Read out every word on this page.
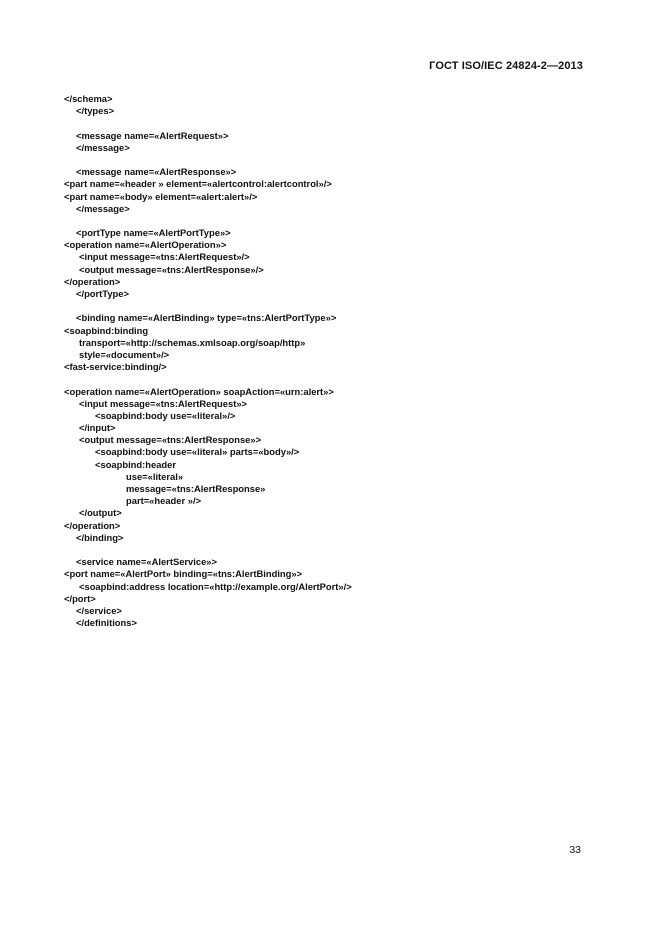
ГОСТ ISO/IEC 24824-2—2013
</schema>
</types>
<message name=«AlertRequest»>
</message>
<message name=«AlertResponse»>
<part name=«header » element=«alertcontrol:alertcontrol»/>
<part name=«body» element=«alert:alert»/>
</message>
<portType name=«AlertPortType»>
<operation name=«AlertOperation»>
<input message=«tns:AlertRequest»/>
<output message=«tns:AlertResponse»/>
</operation>
</portType>
<binding name=«AlertBinding» type=«tns:AlertPortType»>
<soapbind:binding
transport=«http://schemas.xmlsoap.org/soap/http»
style=«document»/>
<fast-service:binding/>
<operation name=«AlertOperation» soapAction=«urn:alert»>
<input message=«tns:AlertRequest»>
<soapbind:body use=«literal»/>
</input>
<output message=«tns:AlertResponse»>
<soapbind:body use=«literal» parts=«body»/>
<soapbind:header
use=«literal»
message=«tns:AlertResponse»
part=«header »/>
</output>
</operation>
</binding>
<service name=«AlertService»>
<port name=«AlertPort» binding=«tns:AlertBinding»>
<soapbind:address location=«http://example.org/AlertPort»/>
</port>
</service>
</definitions>
33
